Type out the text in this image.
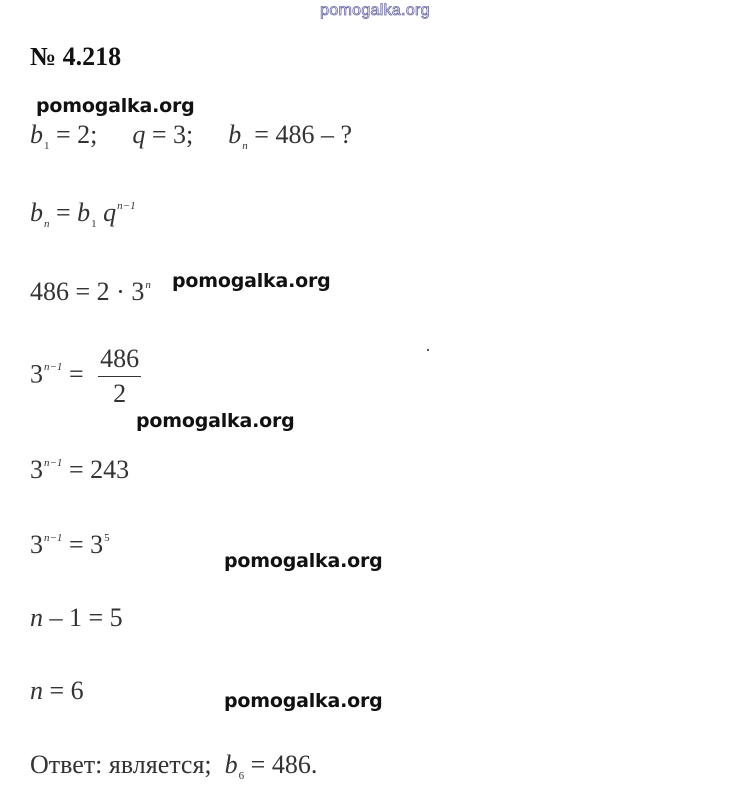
pomogalka.org
№ 4.218
pomogalka.org
$b_1 = 2$; q = 3; $b_n = 486$ – ?
$b_n = b_1$ $q^{n-1}$
$486 = 2 \cdot 3^n$ pomogalka.org
$3^{n-1} = \frac{486}{2}$
pomogalka.org
$3^{n-1} = 243$
$3^{n-1} = 3^5$
pomogalka.org
n – 1 = 5
n = 6	pomogalka.org
Ответ: является;  $b_6 = 486$.
